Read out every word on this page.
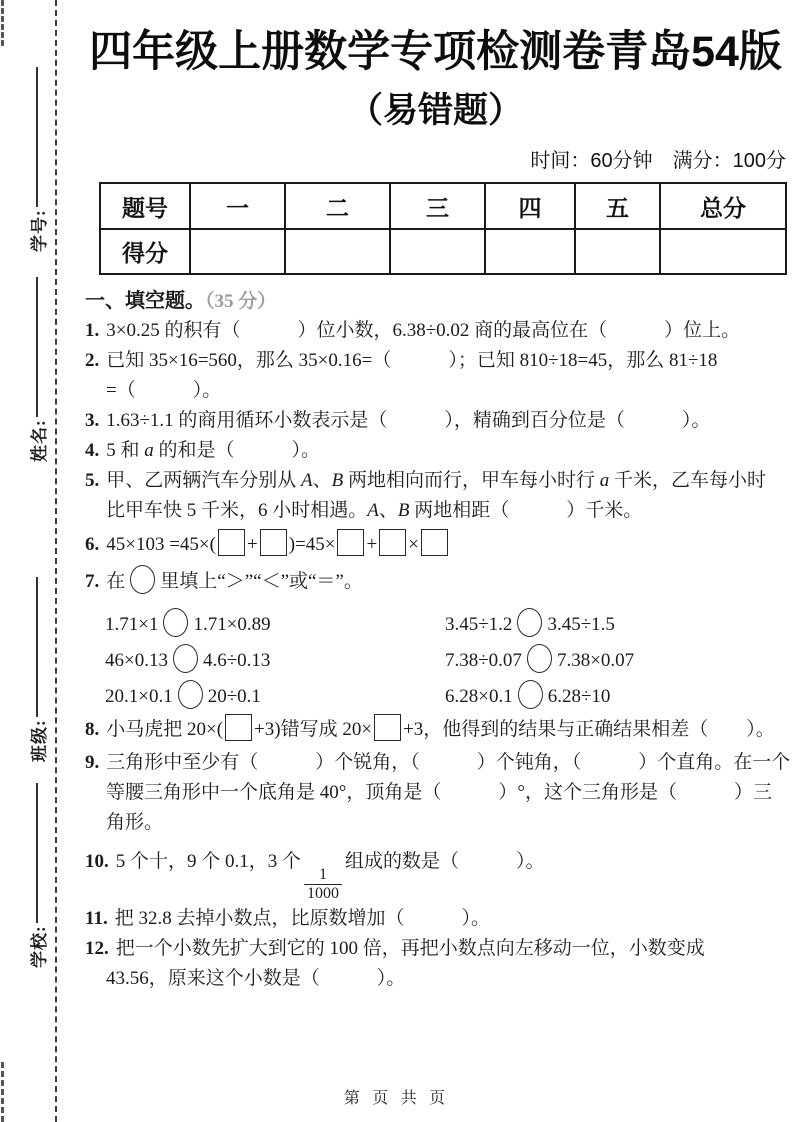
学号:
姓名:
班级:
学校:
四年级上册数学专项检测卷青岛54版
（易错题）
时间：60分钟　满分：100分
题号	一	二	三	四	五	总分
得分						
一、填空题。（35 分）
1. 3×0.25 的积有（　　　）位小数，6.38÷0.02 商的最高位在（　　　）位上。
2. 已知 35×16=560，那么 35×0.16=（　　　）；已知 810÷18=45，那么 81÷18
=（　　　）。
3. 1.63÷1.1 的商用循环小数表示是（　　　），精确到百分位是（　　　）。
4. 5 和 a 的和是（　　　）。
5. 甲、乙两辆汽车分别从 A、B 两地相向而行，甲车每小时行 a 千米，乙车每小时
比甲车快 5 千米，6 小时相遇。A、B 两地相距（　　　）千米。
6. 45×103 =45×( + )=45× + ×
7. 在 里填上“＞”“＜”或“＝”。
1.71×1 1.71×0.89	3.45÷1.2 3.45÷1.5
46×0.13 4.6÷0.13	7.38÷0.07 7.38×0.07
20.1×0.1 20÷0.1	6.28×0.1 6.28÷10
8. 小马虎把 20×( +3)错写成 20× +3，他得到的结果与正确结果相差（　　）。
9. 三角形中至少有（　　　）个锐角，（　　　）个钝角，（　　　）个直角。在一个
等腰三角形中一个底角是 40°，顶角是（　　　）°，这个三角形是（　　　）三
角形。
10. 5 个十，9 个 0.1，3 个
$\frac{1}{1000}$
组成的数是（　　　）。
11. 把 32.8 去掉小数点，比原数增加（　　　）。
12. 把一个小数先扩大到它的 100 倍，再把小数点向左移动一位，小数变成
43.56，原来这个小数是（　　　）。
第 页 共 页
